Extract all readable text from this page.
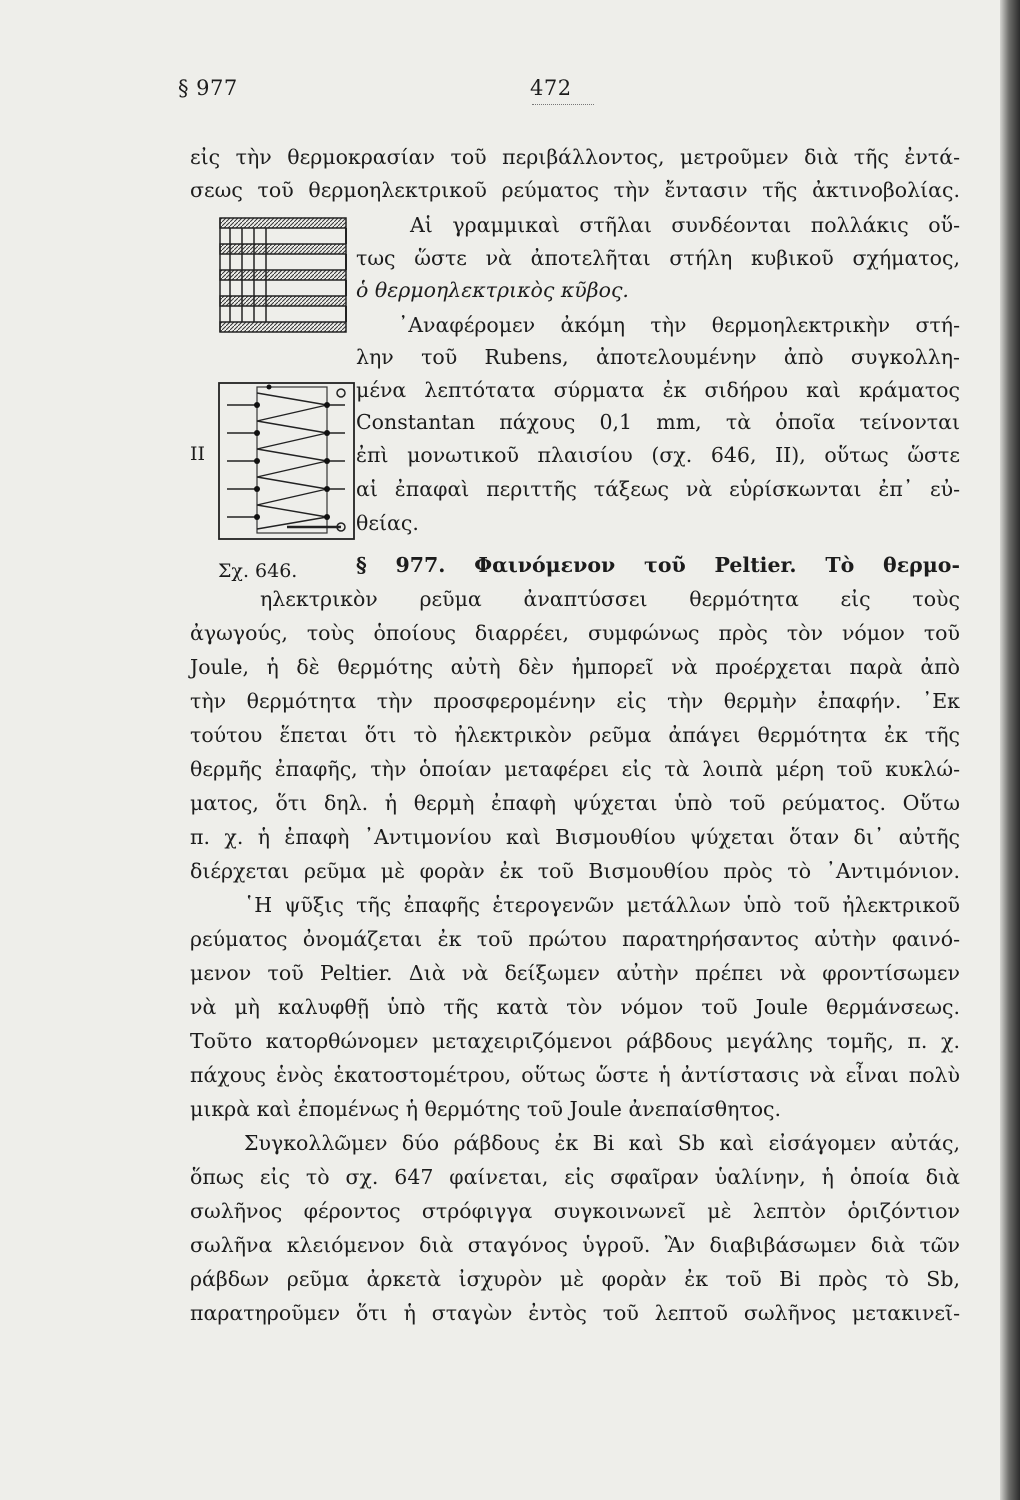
§ 977	472
II
Σχ. 646.
εἰς τὴν θερμοκρασίαν τοῦ περιβάλλοντος, μετροῦμεν διὰ τῆς ἐντά-
σεως τοῦ θερμοηλεκτρικοῦ ρεύματος τὴν ἔντασιν τῆς ἀκτινοβολίας.
Αἱ γραμμικαὶ στῆλαι συνδέονται πολλάκις οὕ-
τως ὥστε νὰ ἀποτελῆται στήλη κυβικοῦ σχήματος,
ὁ θερμοηλεκτρικὸς κῦβος.
᾿Αναφέρομεν ἀκόμη τὴν θερμοηλεκτρικὴν στή-
λην τοῦ Rubens, ἀποτελουμένην ἀπὸ συγκολλη-
μένα λεπτότατα σύρματα ἐκ σιδήρου καὶ κράματος
Constantan πάχους 0,1 mm, τὰ ὁποῖα τείνονται
ἐπὶ μονωτικοῦ πλαισίου (σχ. 646, II), οὕτως ὥστε
αἱ ἐπαφαὶ περιττῆς τάξεως νὰ εὑρίσκωνται ἐπ᾿ εὐ-
θείας.
§ 977. Φαινόμενον τοῦ Peltier. Τὸ θερμο-
ηλεκτρικὸν ρεῦμα ἀναπτύσσει θερμότητα εἰς τοὺς
ἀγωγούς, τοὺς ὁποίους διαρρέει, συμφώνως πρὸς τὸν νόμον τοῦ
Joule, ἡ δὲ θερμότης αὐτὴ δὲν ἠμπορεῖ νὰ προέρχεται παρὰ ἀπὸ
τὴν θερμότητα τὴν προσφερομένην εἰς τὴν θερμὴν ἐπαφήν. ᾿Εκ
τούτου ἕπεται ὅτι τὸ ἠλεκτρικὸν ρεῦμα ἀπάγει θερμότητα ἐκ τῆς
θερμῆς ἐπαφῆς, τὴν ὁποίαν μεταφέρει εἰς τὰ λοιπὰ μέρη τοῦ κυκλώ-
ματος, ὅτι δηλ. ἡ θερμὴ ἐπαφὴ ψύχεται ὑπὸ τοῦ ρεύματος. Οὕτω
π. χ. ἡ ἐπαφὴ ᾿Αντιμονίου καὶ Βισμουθίου ψύχεται ὅταν δι᾿ αὐτῆς
διέρχεται ρεῦμα μὲ φορὰν ἐκ τοῦ Βισμουθίου πρὸς τὸ ᾿Αντιμόνιον.
῾Η ψῦξις τῆς ἐπαφῆς ἑτερογενῶν μετάλλων ὑπὸ τοῦ ἠλεκτρικοῦ
ρεύματος ὀνομάζεται ἐκ τοῦ πρώτου παρατηρήσαντος αὐτὴν φαινό-
μενον τοῦ Peltier. Διὰ νὰ δείξωμεν αὐτὴν πρέπει νὰ φροντίσωμεν
νὰ μὴ καλυφθῇ ὑπὸ τῆς κατὰ τὸν νόμον τοῦ Joule θερμάνσεως.
Τοῦτο κατορθώνομεν μεταχειριζόμενοι ράβδους μεγάλης τομῆς, π. χ.
πάχους ἑνὸς ἑκατοστομέτρου, οὕτως ὥστε ἡ ἀντίστασις νὰ εἶναι πολὺ
μικρὰ καὶ ἐπομένως ἡ θερμότης τοῦ Joule ἀνεπαίσθητος.
Συγκολλῶμεν δύο ράβδους ἐκ Bi καὶ Sb καὶ εἰσάγομεν αὐτάς,
ὅπως εἰς τὸ σχ. 647 φαίνεται, εἰς σφαῖραν ὑαλίνην, ἡ ὁποία διὰ
σωλῆνος φέροντος στρόφιγγα συγκοινωνεῖ μὲ λεπτὸν ὁριζόντιον
σωλῆνα κλειόμενον διὰ σταγόνος ὑγροῦ. Ἂν διαβιβάσωμεν διὰ τῶν
ράβδων ρεῦμα ἀρκετὰ ἰσχυρὸν μὲ φορὰν ἐκ τοῦ Bi πρὸς τὸ Sb,
παρατηροῦμεν ὅτι ἡ σταγὼν ἐντὸς τοῦ λεπτοῦ σωλῆνος μετακινεῖ-
